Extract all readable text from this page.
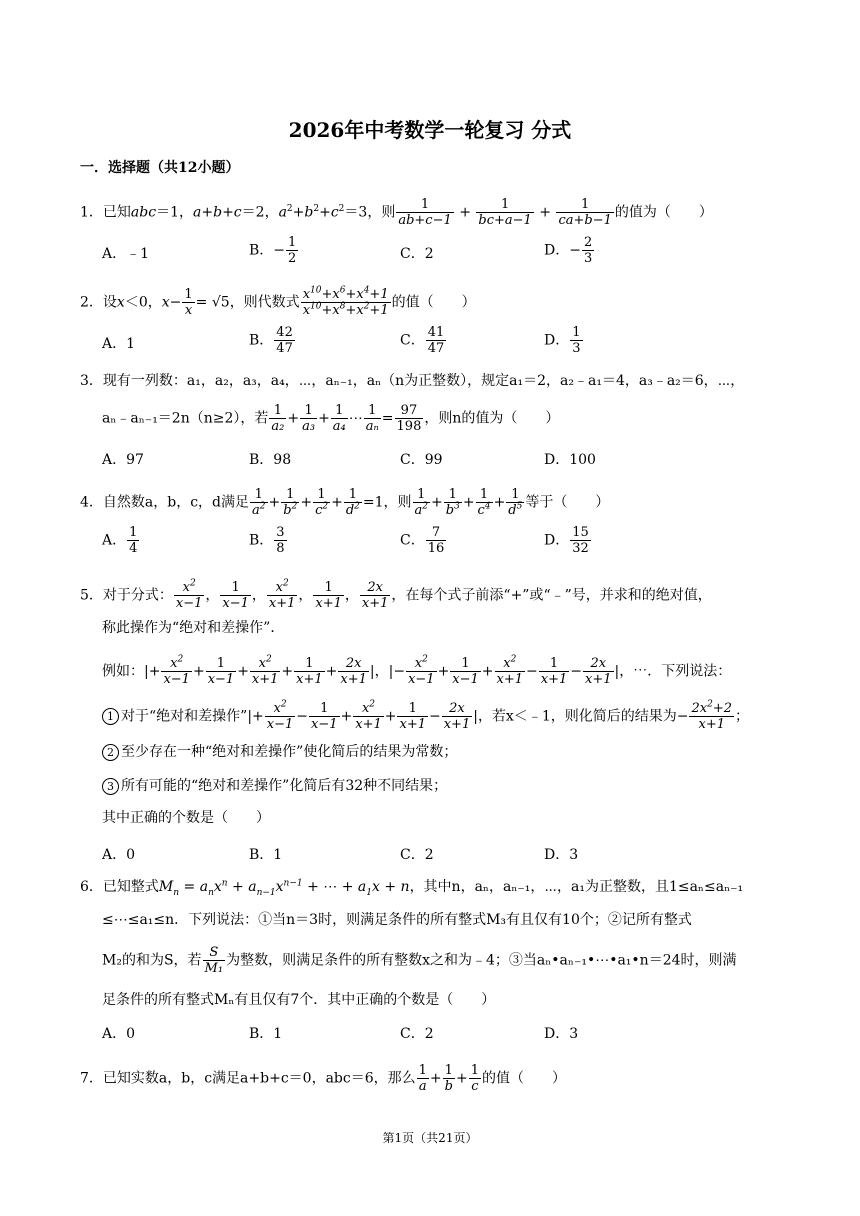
2026年中考数学一轮复习 分式
一．选择题（共12小题）
1．已知abc＝1，a+b+c＝2，$a^2+b^2+c^2=3$，则 $\frac{1}{ab+c-1} + \frac{1}{bc+a-1} + \frac{1}{ca+b-1}$ 的值为（　　）
A．﹣1	B．− $\frac{1}{2}$	C．2	D．− $\frac{2}{3}$
2．设x＜0，$x- \frac{1}{x} = √5$，则代数式 $\frac{x^{10}+x^6+x^4+1}{x^{10}+x^8+x^2+1}$ 的值（　　）
A．1	B． $\frac{42}{47}$	C． $\frac{41}{47}$	D． $\frac{1}{3}$
3．现有一列数：a₁，a₂，a₃，a₄，⋯，aₙ₋₁，aₙ（n为正整数），规定a₁＝2，a₂﹣a₁＝4，a₃﹣a₂＝6，⋯，
aₙ﹣aₙ₋₁＝2n（n≥2），若 $\frac{1}{\text{a₂}} + \frac{1}{\text{a₃}} + \frac{1}{\text{a₄}}$ ⋯ $\frac{1}{\text{aₙ}} = \frac{97}{198}$ ，则n的值为（　　）
A．97	B．98	C．99	D．100
4．自然数a，b，c，d满足 $\frac{1}{a^2} + \frac{1}{b^2} + \frac{1}{c^2} + \frac{1}{d^2} =1$，则 $\frac{1}{a^2} + \frac{1}{b^3} + \frac{1}{c^4} + \frac{1}{d^5}$ 等于（　　）
A． $\frac{1}{4}$	B． $\frac{3}{8}$	C． $\frac{7}{16}$	D． $\frac{15}{32}$
5．对于分式： $\frac{x^2}{x-1}$ ， $\frac{1}{x-1}$ ， $\frac{x^2}{x+1}$ ， $\frac{1}{x+1}$ ， $\frac{2x}{x+1}$ ，在每个式子前添“+”或“﹣”号，并求和的绝对值，
称此操作为“绝对和差操作”．
例如：|+ $\frac{x^2}{x-1} + \frac{1}{x-1} + \frac{x^2}{x+1} + \frac{1}{x+1} + \frac{2x}{x+1}$ |，|− $\frac{x^2}{x-1} + \frac{1}{x-1} + \frac{x^2}{x+1} - \frac{1}{x+1} - \frac{2x}{x+1}$ |，⋯．下列说法：
1 对于“绝对和差操作”|+ $\frac{x^2}{x-1} - \frac{1}{x-1} + \frac{x^2}{x+1} + \frac{1}{x+1} - \frac{2x}{x+1}$ |，若x＜﹣1，则化简后的结果为− $\frac{2x^2+2}{x+1}$ ；
2 至少存在一种“绝对和差操作”使化简后的结果为常数；
3 所有可能的“绝对和差操作”化简后有32种不同结果；
其中正确的个数是（　　）
A．0	B．1	C．2	D．3
6．已知整式$M_n = a_nx^n + a_{n-1}x^{n-1}$ + ⋯ + $a_1x + n$，其中n，aₙ，aₙ₋₁，⋯，a₁为正整数，且1≤aₙ≤aₙ₋₁
≤⋯≤a₁≤n．下列说法：①当n＝3时，则满足条件的所有整式M₃有且仅有10个；②记所有整式
M₂的和为S，若 $\frac{S}{\text{M₁}}$ 为整数，则满足条件的所有整数x之和为﹣4；③当aₙ•aₙ₋₁•⋯•a₁•n＝24时，则满
足条件的所有整式Mₙ有且仅有7个．其中正确的个数是（　　）
A．0	B．1	C．2	D．3
7．已知实数a，b，c满足a+b+c＝0，abc＝6，那么 $\frac{1}{a} + \frac{1}{b} + \frac{1}{c}$ 的值（　　）
第1页（共21页）
